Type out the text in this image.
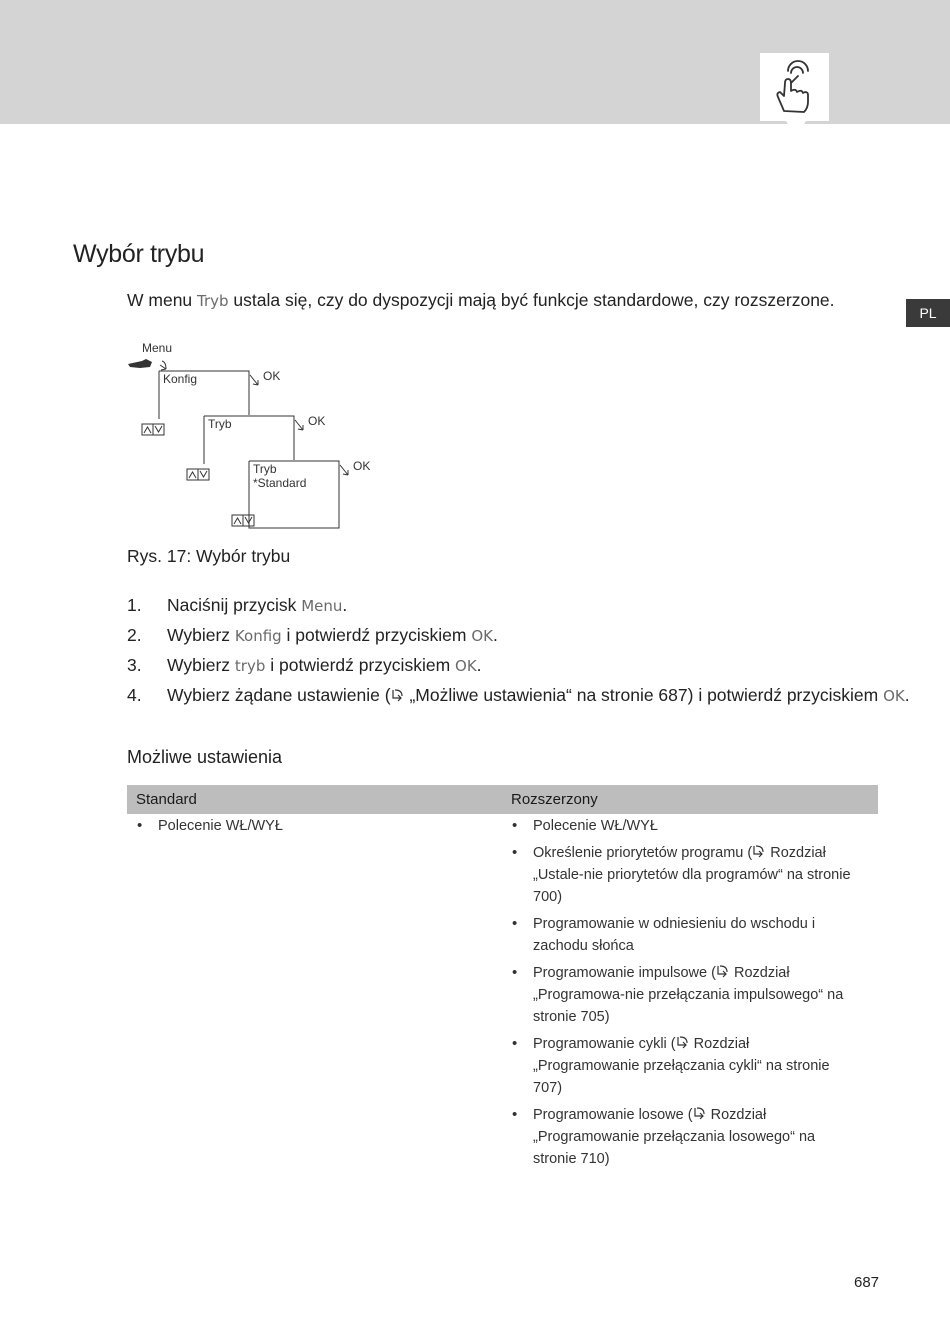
PL
Wybór trybu
W menu Tryb ustala się, czy do dyspozycji mają być funkcje standardowe, czy rozszerzone.
Menu
Konfig
Tryb
Tryb
*Standard
OK
OK
OK
Rys. 17: Wybór trybu
1. Naciśnij przycisk Menu.
2. Wybierz Konfig i potwierdź przyciskiem OK.
3. Wybierz tryb i potwierdź przyciskiem OK.
4. Wybierz żądane ustawienie ( „Możliwe ustawienia“ na stronie 687) i potwierdź przyciskiem OK.
Możliwe ustawienia
Standard	Rozszerzony
• Polecenie WŁ/WYŁ
•	Polecenie WŁ/WYŁ
• Określenie priorytetów programu ( Rozdział „Ustale-nie priorytetów dla programów“ na stronie 700)
• Programowanie w odniesieniu do wschodu i zachodu słońca
• Programowanie impulsowe ( Rozdział „Programowa-nie przełączania impulsowego“ na stronie 705)
• Programowanie cykli ( Rozdział „Programowanie przełączania cykli“ na stronie 707)
• Programowanie losowe ( Rozdział „Programowanie przełączania losowego“ na stronie 710)
687
